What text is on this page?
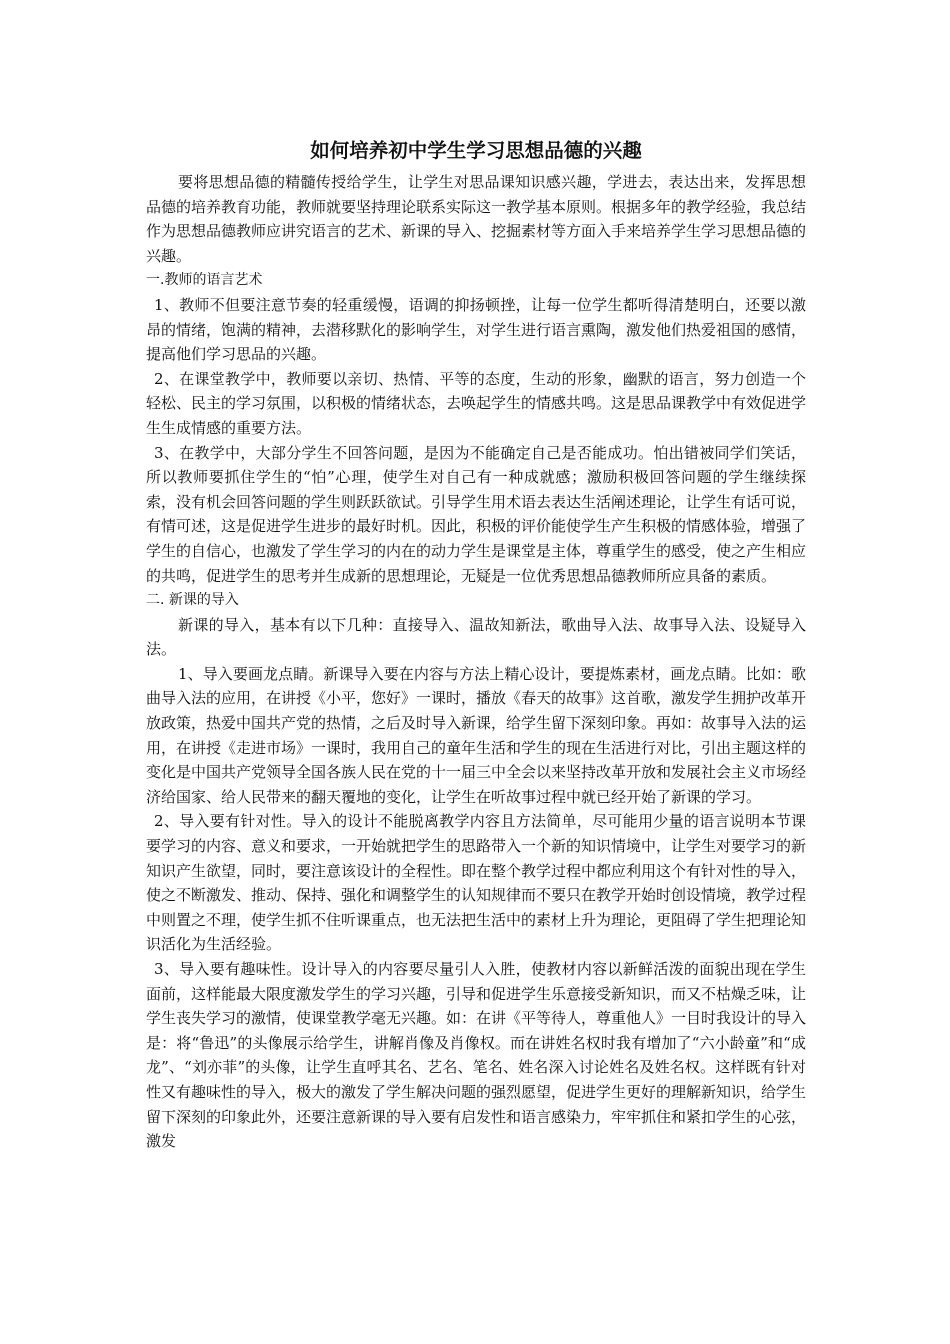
如何培养初中学生学习思想品德的兴趣

要将思想品德的精髓传授给学生，让学生对思品课知识感兴趣，学进去，表达出来，发挥思想品德的培养教育功能，教师就要坚持理论联系实际这一教学基本原则。根据多年的教学经验，我总结作为思想品德教师应讲究语言的艺术、新课的导入、挖掘素材等方面入手来培养学生学习思想品德的兴趣。

一.教师的语言艺术

1、教师不但要注意节奏的轻重缓慢，语调的抑扬顿挫，让每一位学生都听得清楚明白，还要以激昂的情绪，饱满的精神，去潜移默化的影响学生，对学生进行语言熏陶，激发他们热爱祖国的感情，提高他们学习思品的兴趣。

2、在课堂教学中，教师要以亲切、热情、平等的态度，生动的形象，幽默的语言，努力创造一个轻松、民主的学习氛围，以积极的情绪状态，去唤起学生的情感共鸣。这是思品课教学中有效促进学生生成情感的重要方法。

3、在教学中，大部分学生不回答问题，是因为不能确定自己是否能成功。怕出错被同学们笑话，所以教师要抓住学生的“怕”心理，使学生对自己有一种成就感；激励积极回答问题的学生继续探索，没有机会回答问题的学生则跃跃欲试。引导学生用术语去表达生活阐述理论，让学生有话可说，有情可述，这是促进学生进步的最好时机。因此，积极的评价能使学生产生积极的情感体验，增强了学生的自信心，也激发了学生学习的内在的动力学生是课堂是主体，尊重学生的感受，使之产生相应的共鸣，促进学生的思考并生成新的思想理论，无疑是一位优秀思想品德教师所应具备的素质。

二. 新课的导入

新课的导入，基本有以下几种：直接导入、温故知新法，歌曲导入法、故事导入法、设疑导入法。

1、导入要画龙点睛。新课导入要在内容与方法上精心设计，要提炼素材，画龙点睛。比如：歌曲导入法的应用，在讲授《小平，您好》一课时，播放《春天的故事》这首歌，激发学生拥护改革开放政策，热爱中国共产党的热情，之后及时导入新课，给学生留下深刻印象。再如：故事导入法的运用，在讲授《走进市场》一课时，我用自己的童年生活和学生的现在生活进行对比，引出主题这样的变化是中国共产党领导全国各族人民在党的十一届三中全会以来坚持改革开放和发展社会主义市场经济给国家、给人民带来的翻天覆地的变化，让学生在听故事过程中就已经开始了新课的学习。

2、导入要有针对性。导入的设计不能脱离教学内容且方法简单，尽可能用少量的语言说明本节课要学习的内容、意义和要求，一开始就把学生的思路带入一个新的知识情境中，让学生对要学习的新知识产生欲望，同时，要注意该设计的全程性。即在整个教学过程中都应利用这个有针对性的导入，使之不断激发、推动、保持、强化和调整学生的认知规律而不要只在教学开始时创设情境，教学过程中则置之不理，使学生抓不住听课重点，也无法把生活中的素材上升为理论，更阻碍了学生把理论知识活化为生活经验。

3、导入要有趣味性。设计导入的内容要尽量引人入胜，使教材内容以新鲜活泼的面貌出现在学生面前，这样能最大限度激发学生的学习兴趣，引导和促进学生乐意接受新知识，而又不枯燥乏味，让学生丧失学习的激情，使课堂教学毫无兴趣。如：在讲《平等待人，尊重他人》一目时我设计的导入是：将“鲁迅”的头像展示给学生，讲解肖像及肖像权。而在讲姓名权时我有增加了“六小龄童”和“成龙”、“刘亦菲”的头像，让学生直呼其名、艺名、笔名、姓名深入讨论姓名及姓名权。这样既有针对性又有趣味性的导入，极大的激发了学生解决问题的强烈愿望，促进学生更好的理解新知识，给学生留下深刻的印象此外，还要注意新课的导入要有启发性和语言感染力，牢牢抓住和紧扣学生的心弦，激发
